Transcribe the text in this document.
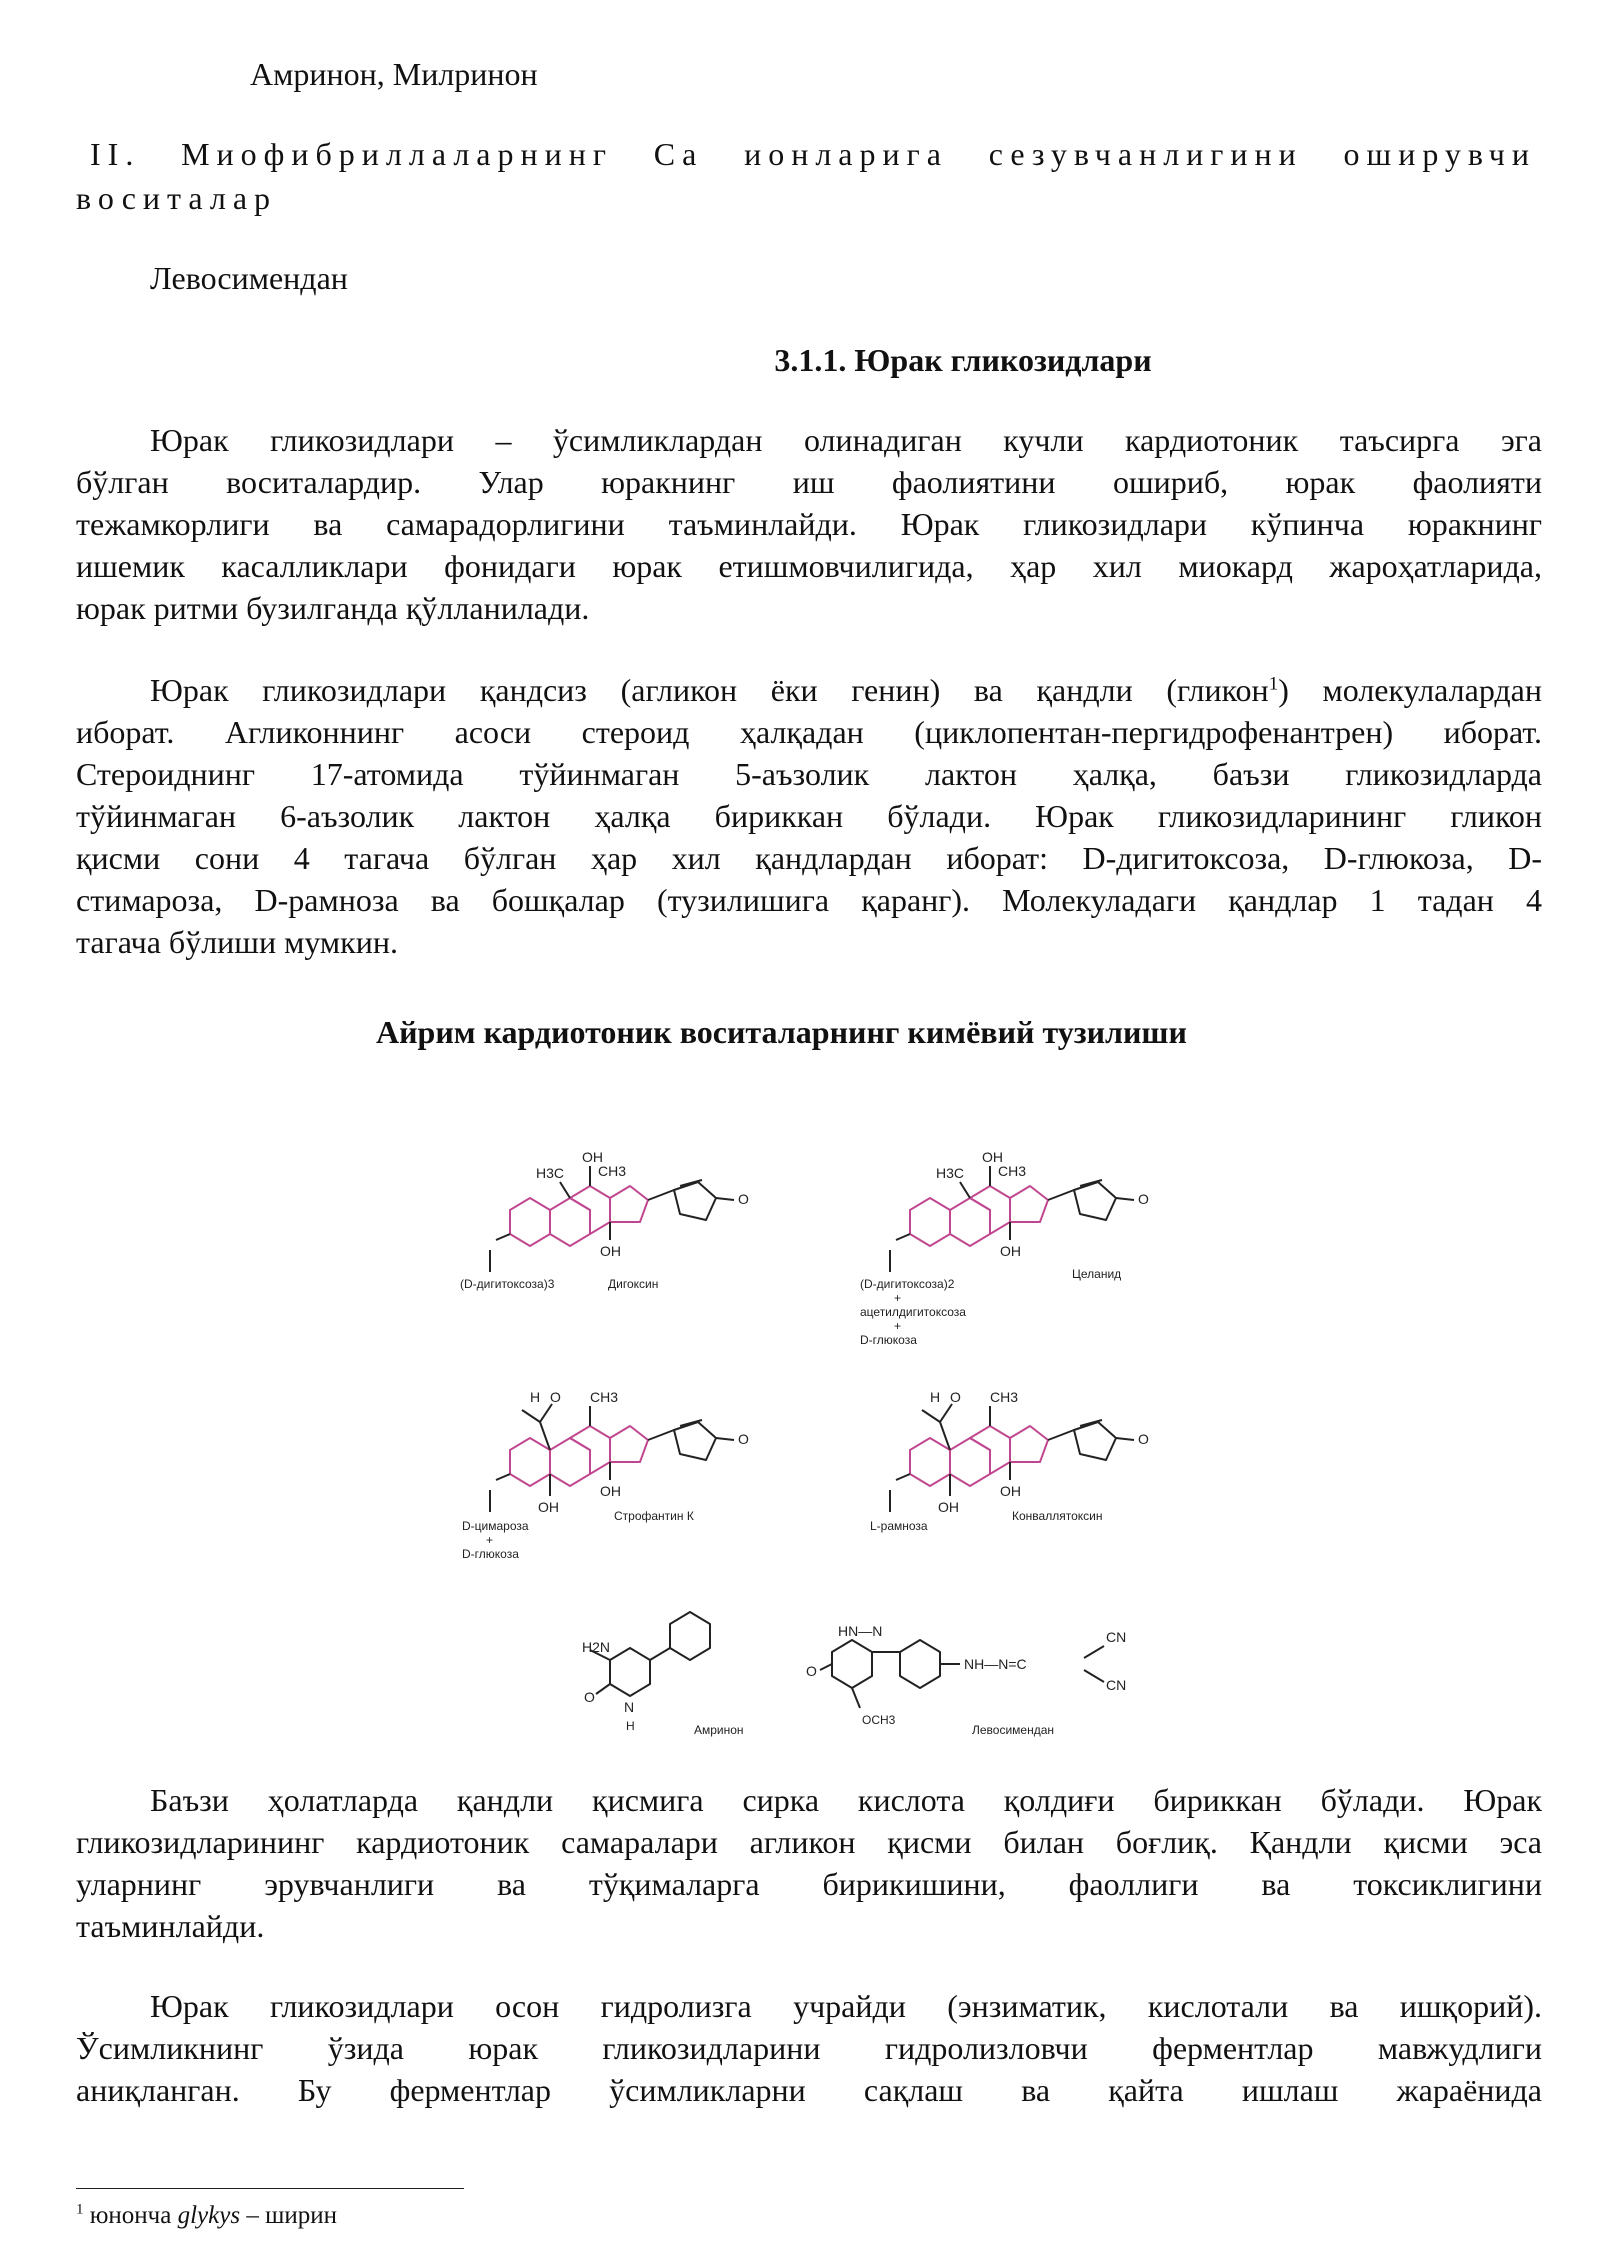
Амринон, Милринон
II. Миофибриллаларнинг Са ионларига сезувчанлигини оширувчи
воситалар
Левосимендан
3.1.1. Юрак гликозидлари
Юрак гликозидлари – ўсимликлардан олинадиган кучли кардиотоник таъсирга эга
бўлган воситалардир. Улар юракнинг иш фаолиятини ошириб, юрак фаолияти
тежамкорлиги ва самарадорлигини таъминлайди. Юрак гликозидлари кўпинча юракнинг
ишемик касалликлари фонидаги юрак етишмовчилигида, ҳар хил миокард жароҳатларида,
юрак ритми бузилганда қўлланилади.
Юрак гликозидлари қандсиз (агликон ёки генин) ва қандли (гликон$^1$) молекулалардан
иборат. Агликоннинг асоси стероид ҳалқадан (циклопентан-пергидрофенантрен) иборат.
Стероиднинг 17-атомида тўйинмаган 5-аъзолик лактон ҳалқа, баъзи гликозидларда
тўйинмаган 6-аъзолик лактон ҳалқа бириккан бўлади. Юрак гликозидларининг гликон
қисми сони 4 тагача бўлган ҳар хил қандлардан иборат: D-дигитоксоза, D-глюкоза, D-
стимароза, D-рамноза ва бошқалар (тузилишига қаранг). Молекуладаги қандлар 1 тадан 4
тагача бўлиши мумкин.
Айрим кардиотоник воситаларнинг кимёвий тузилиши
OH
CH3
H3C
OH
O
(D-дигитоксоза)3	Дигоксин
OH
CH3
H3C
OH
O
(D-дигитоксоза)2
+
ацетилдигитоксоза
+
D-глюкоза
Целанид
H O CH3
OH
OH
O
D-цимароза
+
D-глюкоза
Строфантин К
H O CH3
OH
OH
O
L-рамноза
Конваллятоксин
H2N
O
N
H	Амринон
HN—N
O
OCH3
NH—N=C
CN
CN
Левосимендан
Баъзи ҳолатларда қандли қисмига сирка кислота қолдиғи бириккан бўлади. Юрак
гликозидларининг кардиотоник самаралари агликон қисми билан боғлиқ. Қандли қисми эса
уларнинг эрувчанлиги ва тўқималарга бирикишини, фаоллиги ва токсиклигини
таъминлайди.
Юрак гликозидлари осон гидролизга учрайди (энзиматик, кислотали ва ишқорий).
Ўсимликнинг ўзида юрак гликозидларини гидролизловчи ферментлар мавжудлиги
аниқланган. Бу ферментлар ўсимликларни сақлаш ва қайта ишлаш жараёнида
$^1$ юнонча glykys – ширин
